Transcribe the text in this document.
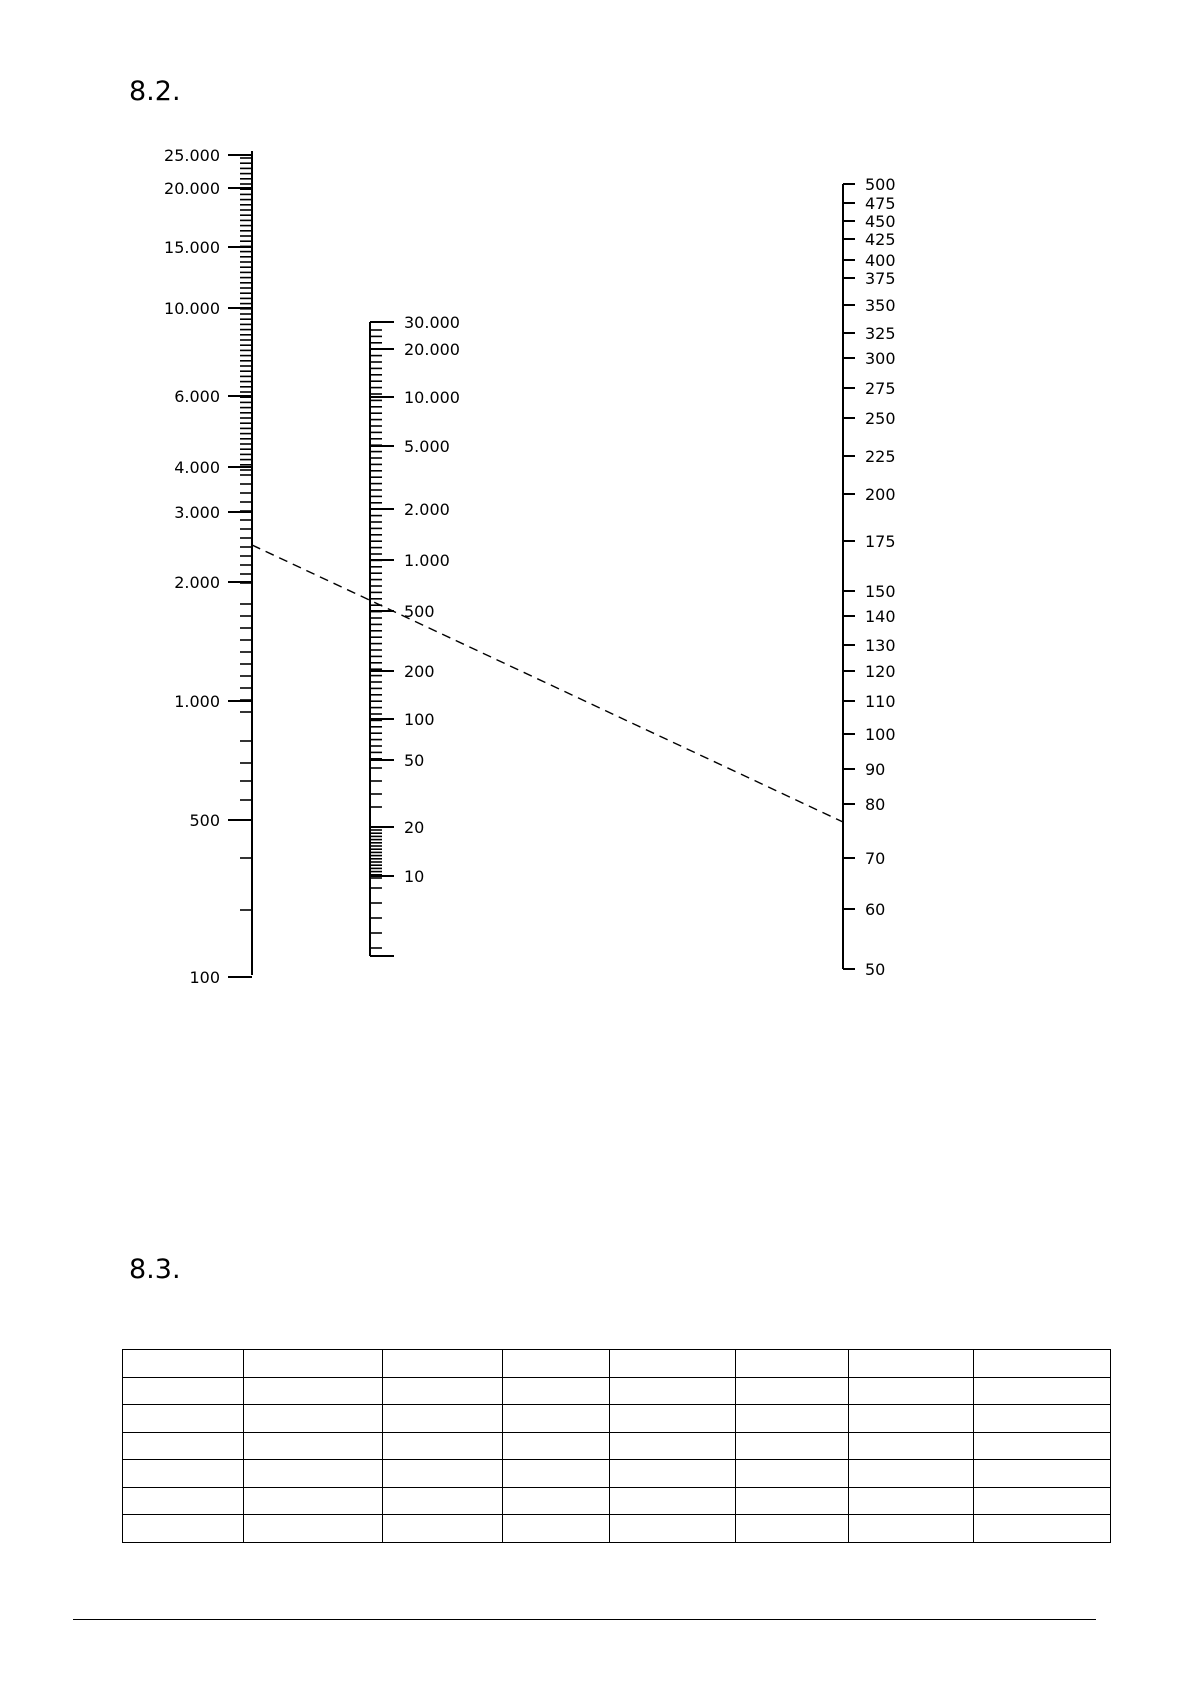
8.2.
25.000
20.000
15.000
10.000
6.000
4.000
3.000
2.000
1.000
500
100
30.000
20.000
10.000
5.000
2.000
1.000
500
200
100
50
20
10
500
475
450
425
400
375
350
325
300
275
250
225
200
175
150
140
130
120
110
100
90
80
70
60
50
8.3.
